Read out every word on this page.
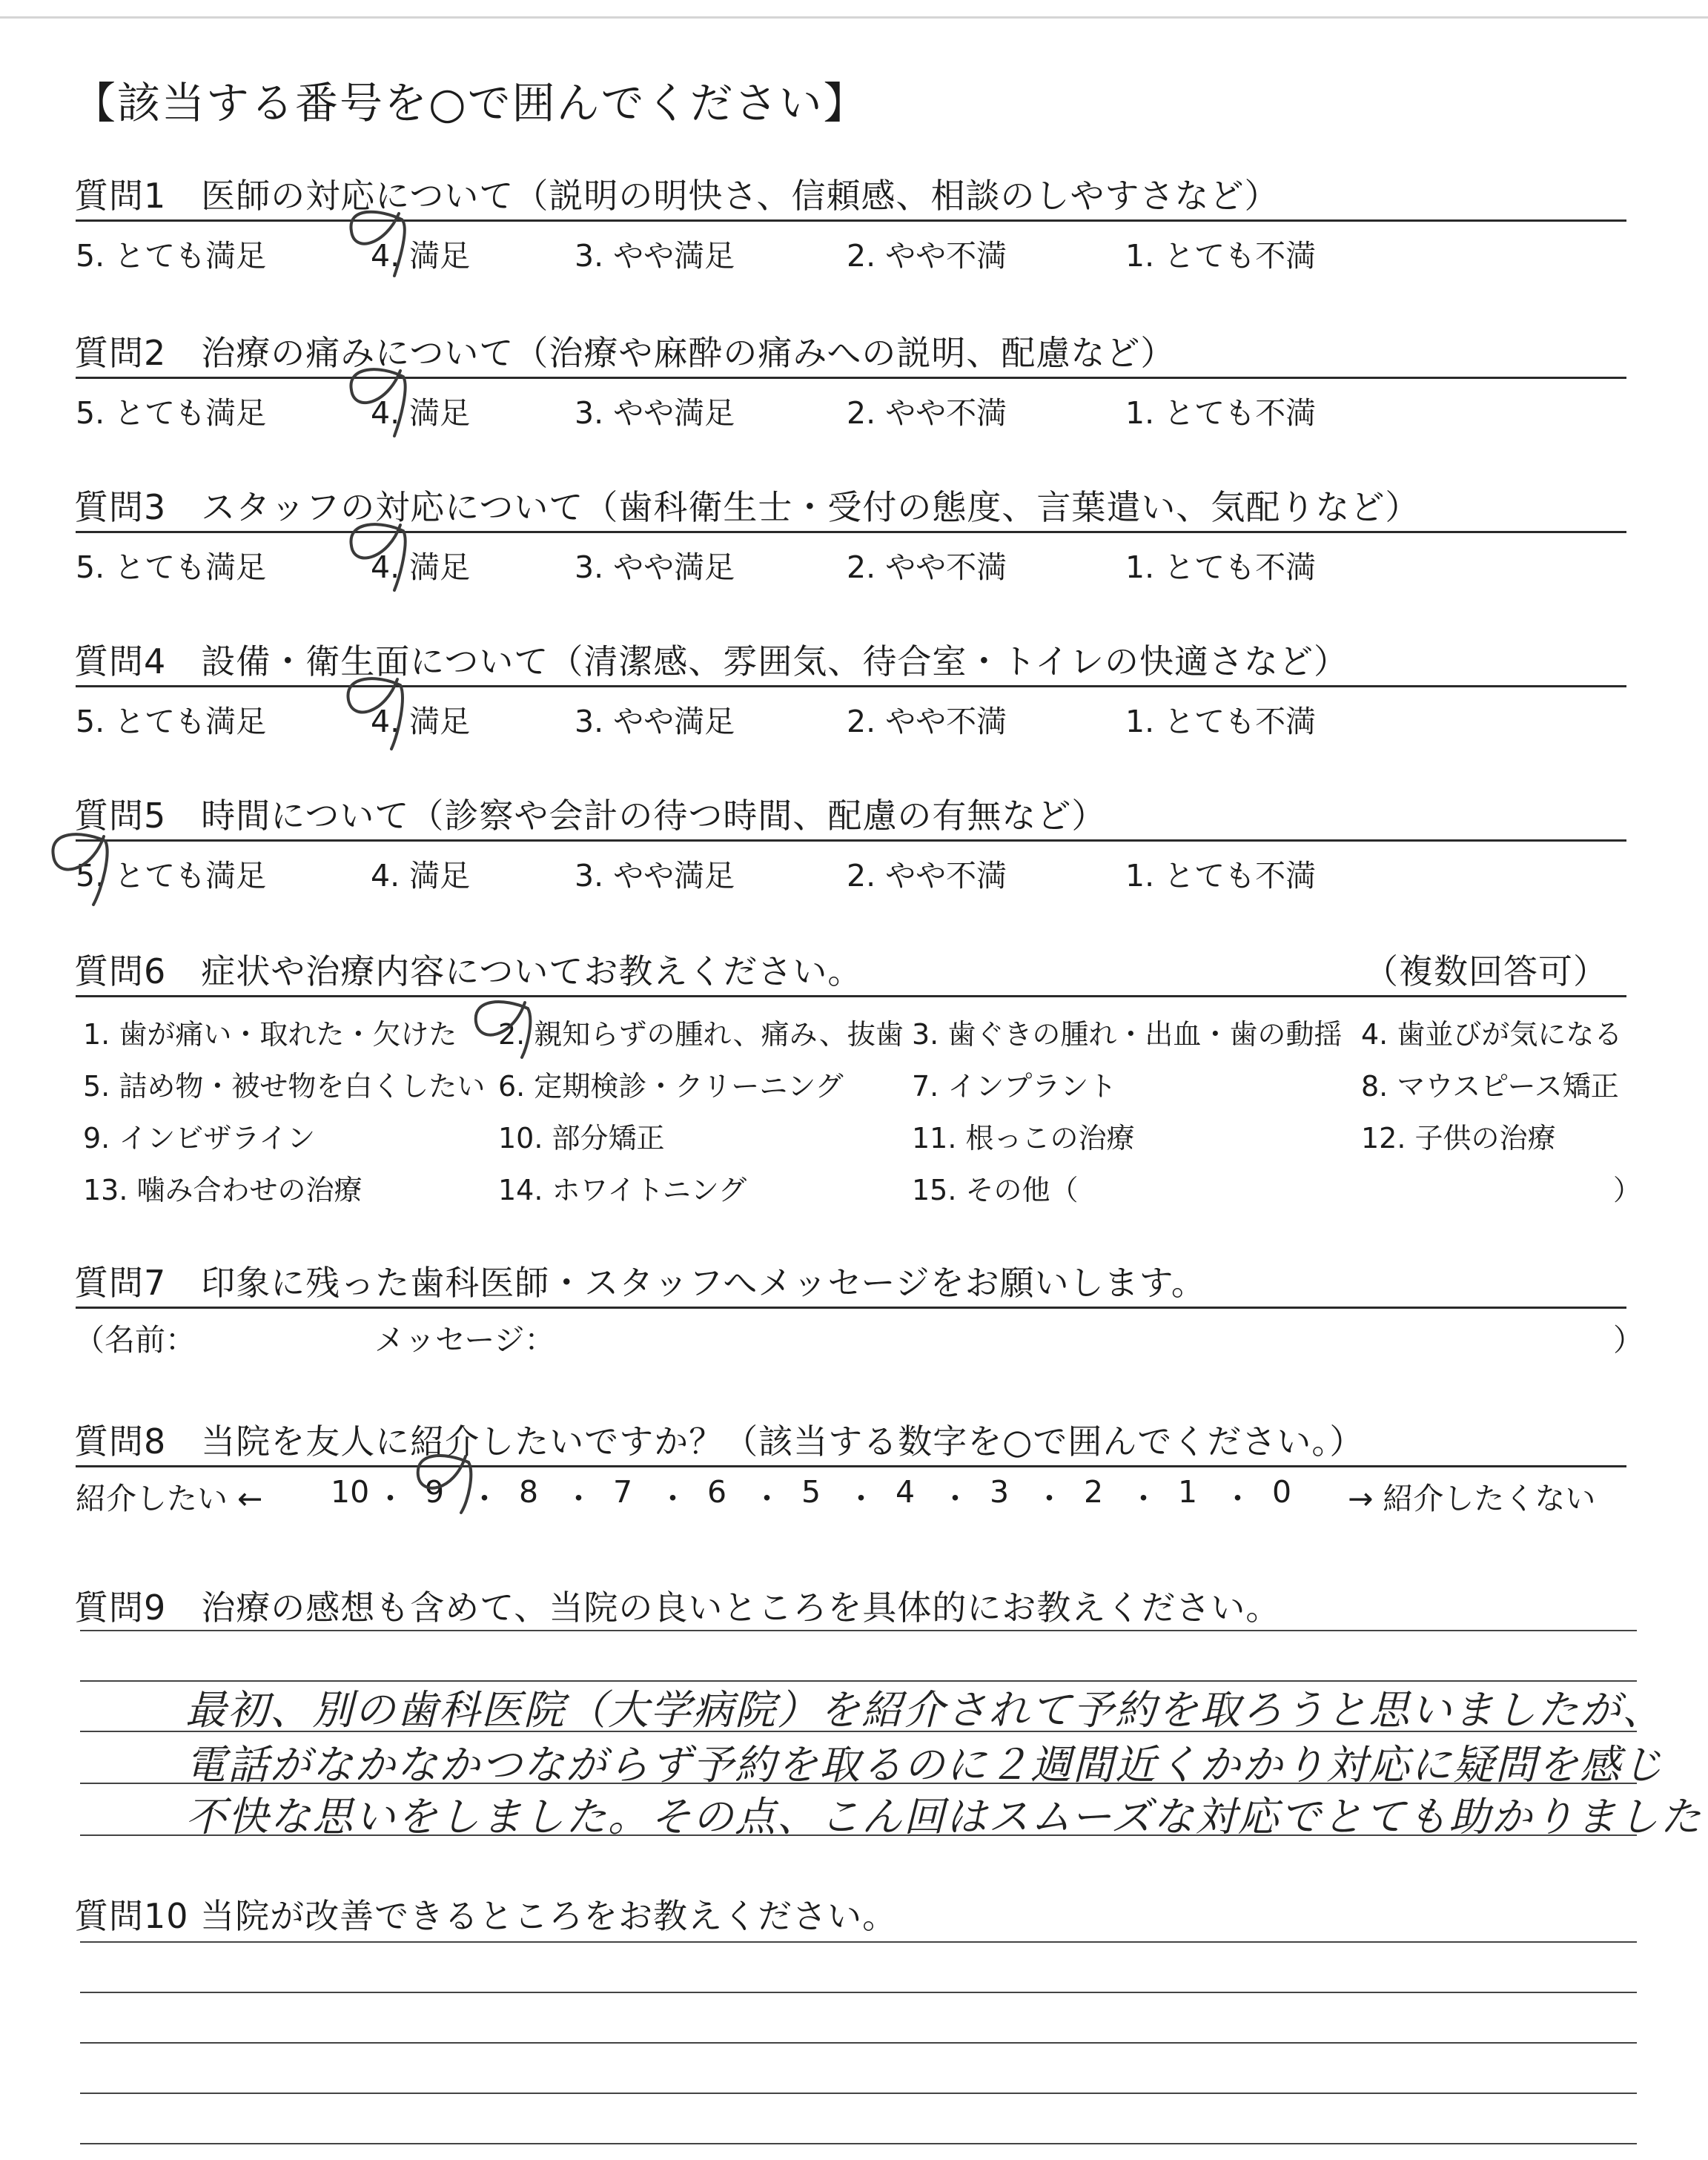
【該当する番号を○で囲んでください】
質問1　医師の対応について（説明の明快さ、信頼感、相談のしやすさなど）
5. とても満足	4. 満足	3. やや満足	2. やや不満	1. とても不満
質問2　治療の痛みについて（治療や麻酔の痛みへの説明、配慮など）
5. とても満足	4. 満足	3. やや満足	2. やや不満	1. とても不満
質問3　スタッフの対応について（歯科衛生士・受付の態度、言葉遣い、気配りなど）
5. とても満足	4. 満足	3. やや満足	2. やや不満	1. とても不満
質問4　設備・衛生面について（清潔感、雰囲気、待合室・トイレの快適さなど）
5. とても満足	4. 満足	3. やや満足	2. やや不満	1. とても不満
質問5　時間について（診察や会計の待つ時間、配慮の有無など）
5. とても満足	4. 満足	3. やや満足	2. やや不満	1. とても不満
質問6　症状や治療内容についてお教えください。	（複数回答可）
1. 歯が痛い・取れた・欠けた 2. 親知らずの腫れ、痛み、抜歯 3. 歯ぐきの腫れ・出血・歯の動揺 4. 歯並びが気になる
5. 詰め物・被せ物を白くしたい 6. 定期検診・クリーニング 7. インプラント	8. マウスピース矯正
9. インビザライン	10. 部分矯正	11. 根っこの治療	12. 子供の治療
13. 噛み合わせの治療	14. ホワイトニング	15. その他（	）
質問7　印象に残った歯科医師・スタッフへメッセージをお願いします。
（名前：	メッセージ：	）
質問8　当院を友人に紹介したいですか？（該当する数字を○で囲んでください。）
紹介したい ← 10 ・ 9 ・ 8 ・ 7 ・ 6 ・ 5 ・ 4 ・ 3 ・ 2 ・ 1 ・ 0 → 紹介したくない
質問9　治療の感想も含めて、当院の良いところを具体的にお教えください。
最初、別の歯科医院（大学病院）を紹介されて予約を取ろうと思いましたが、
電話がなかなかつながらず予約を取るのに２週間近くかかり対応に疑問を感じ
不快な思いをしました。その点、こん回はスムーズな対応でとても助かりました
質問10 当院が改善できるところをお教えください。
